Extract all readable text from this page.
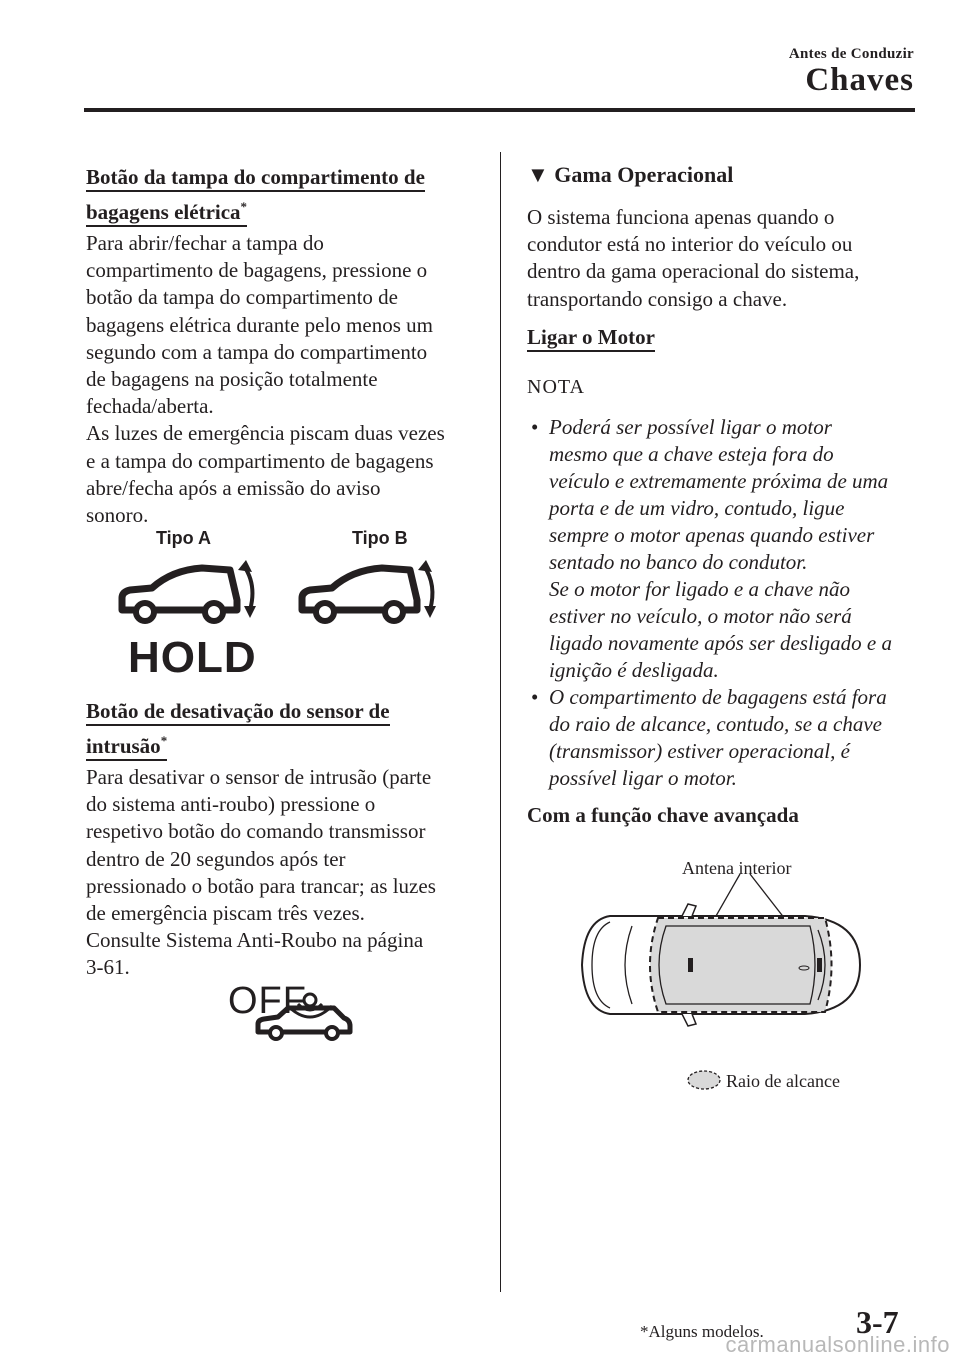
Antes de Conduzir
Chaves
Botão da tampa do compartimento de
bagagens elétrica*

Para abrir/fechar a tampa do

compartimento de bagagens, pressione o

botão da tampa do compartimento de

bagagens elétrica durante pelo menos um

segundo com a tampa do compartimento

de bagagens na posição totalmente

fechada/aberta.

As luzes de emergência piscam duas vezes

e a tampa do compartimento de bagagens

abre/fecha após a emissão do aviso

sonoro.

Tipo A	Tipo B
HOLD
Botão de desativação do sensor de
intrusão*

Para desativar o sensor de intrusão (parte

do sistema anti-roubo) pressione o

respetivo botão do comando transmissor

dentro de 20 segundos após ter

pressionado o botão para trancar; as luzes

de emergência piscam três vezes.

Consulte Sistema Anti-Roubo na página

3-61.

OFF
▼ Gama Operacional

O sistema funciona apenas quando o

condutor está no interior do veículo ou

dentro da gama operacional do sistema,

transportando consigo a chave.

Ligar o Motor
NOTA
• Poderá ser possível ligar o motor
mesmo que a chave esteja fora do
veículo e extremamente próxima de uma
porta e de um vidro, contudo, ligue
sempre o motor apenas quando estiver
sentado no banco do condutor.
Se o motor for ligado e a chave não
estiver no veículo, o motor não será
ligado novamente após ser desligado e a
ignição é desligada.
• O compartimento de bagagens está fora
do raio de alcance, contudo, se a chave
(transmissor) estiver operacional, é
possível ligar o motor.
Com a função chave avançada
Antena interior
Raio de alcance
*Alguns modelos.	3-7
carmanualsonline.info
